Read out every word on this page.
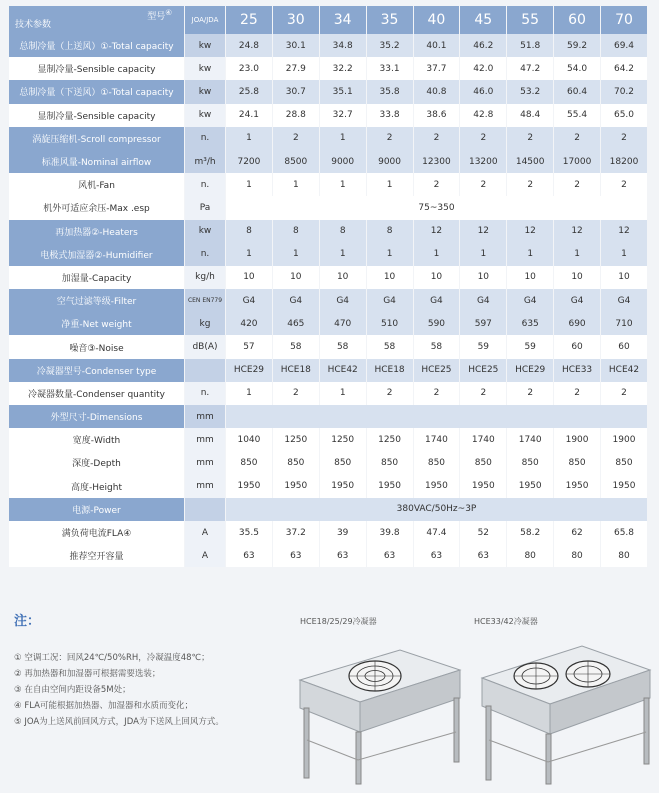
技术参数
型号④	JOA/JDA	25	30	34	35	40	45	55	60	70
总制冷量（上送风）①-Total capacity	kw	24.8	30.1	34.8	35.2	40.1	46.2	51.8	59.2	69.4
显制冷量-Sensible capacity	kw	23.0	27.9	32.2	33.1	37.7	42.0	47.2	54.0	64.2
总制冷量（下送风）①-Total capacity	kw	25.8	30.7	35.1	35.8	40.8	46.0	53.2	60.4	70.2
显制冷量-Sensible capacity	kw	24.1	28.8	32.7	33.8	38.6	42.8	48.4	55.4	65.0
涡旋压缩机-Scroll compressor	n.	1	2	1	2	2	2	2	2	2
标准风量-Nominal airflow	m³/h	7200	8500	9000	9000	12300	13200	14500	17000	18200
风机-Fan	n.	1	1	1	1	2	2	2	2	2
机外可适应余压-Max .esp	Pa	75~350								
再加热器②-Heaters	kw	8	8	8	8	12	12	12	12	12
电极式加湿器②-Humidifier	n.	1	1	1	1	1	1	1	1	1
加湿量-Capacity	kg/h	10	10	10	10	10	10	10	10	10
空气过滤等级-Filter	CEN EN779	G4	G4	G4	G4	G4	G4	G4	G4	G4
净重-Net weight	kg	420	465	470	510	590	597	635	690	710
噪音③-Noise	dB(A)	57	58	58	58	58	59	59	60	60
冷凝器型号-Condenser type		HCE29	HCE18	HCE42	HCE18	HCE25	HCE25	HCE29	HCE33	HCE42
冷凝器数量-Condenser quantity	n.	1	2	1	2	2	2	2	2	2
外型尺寸-Dimensions	mm									
宽度-Width	mm	1040	1250	1250	1250	1740	1740	1740	1900	1900
深度-Depth	mm	850	850	850	850	850	850	850	850	850
高度-Height	mm	1950	1950	1950	1950	1950	1950	1950	1950	1950
电源-Power		380VAC/50Hz~3P								
满负荷电流FLA④	A	35.5	37.2	39	39.8	47.4	52	58.2	62	65.8
推荐空开容量	A	63	63	63	63	63	63	80	80	80
注：
① 空调工况：回风24℃/50%RH，冷凝温度48℃；
② 再加热器和加湿器可根据需要选装；
③ 在自由空间内距设备5M处；
④ FLA可能根据加热器、加湿器和水质而变化；
⑤ JOA为上送风前回风方式，JDA为下送风上回风方式。
HCE18/25/29冷凝器	HCE33/42冷凝器
